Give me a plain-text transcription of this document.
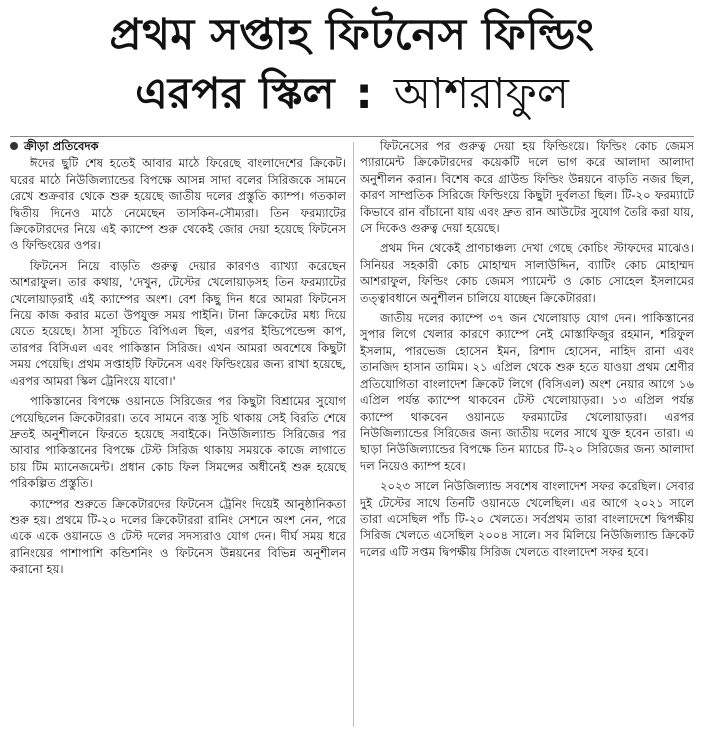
প্রথম সপ্তাহ ফিটনেস ফিল্ডিং
এরপর স্কিল : আশরাফুল
ক্রীড়া প্রতিবেদক

ঈদের ছুটি শেষ হতেই আবার মাঠে ফিরেছে বাংলাদেশের ক্রিকেট। ঘরের মাঠে নিউজিল্যান্ডের বিপক্ষে আসন্ন সাদা বলের সিরিজকে সামনে রেখে শুক্রবার থেকে শুরু হয়েছে জাতীয় দলের প্রস্তুতি ক্যাম্প। গতকাল দ্বিতীয় দিনেও মাঠে নেমেছেন তাসকিন-সৌম্যরা। তিন ফরম্যাটের ক্রিকেটারদের নিয়ে এই ক্যাম্পে শুরু থেকেই জোর দেয়া হয়েছে ফিটনেস ও ফিল্ডিংয়ের ওপর।

ফিটনেস নিয়ে বাড়তি গুরুত্ব দেয়ার কারণও ব্যাখ্যা করেছেন আশরাফুল। তার কথায়, 'দেখুন, টেস্টের খেলোয়াড়সহ তিন ফরম্যাটের খেলোয়াড়রাই এই ক্যাম্পের অংশ। বেশ কিছু দিন ধরে আমরা ফিটনেস নিয়ে কাজ করার মতো উপযুক্ত সময় পাইনি। টানা ক্রিকেটের মধ্য দিয়ে যেতে হয়েছে। ঠাসা সূচিতে বিপিএল ছিল, এরপর ইন্ডিপেন্ডেন্স কাপ, তারপর বিসিএল এবং পাকিস্তান সিরিজ। এখন আমরা অবশেষে কিছুটা সময় পেয়েছি। প্রথম সপ্তাহটি ফিটনেস এবং ফিল্ডিংয়ের জন্য রাখা হয়েছে, এরপর আমরা স্কিল ট্রেনিংয়ে যাবো।'

পাকিস্তানের বিপক্ষে ওয়ানডে সিরিজের পর কিছুটা বিশ্রামের সুযোগ পেয়েছিলেন ক্রিকেটাররা। তবে সামনে ব্যস্ত সূচি থাকায় সেই বিরতি শেষে দ্রুতই অনুশীলনে ফিরতে হয়েছে সবাইকে। নিউজিল্যান্ড সিরিজের পর আবার পাকিস্তানের বিপক্ষে টেস্ট সিরিজ থাকায় সময়কে কাজে লাগাতে চায় টিম ম্যানেজমেন্ট। প্রধান কোচ ফিল সিমন্সের অধীনেই শুরু হয়েছে পরিকল্পিত প্রস্তুতি।

ক্যাম্পের শুরুতে ক্রিকেটারদের ফিটনেস ট্রেনিং দিয়েই আনুষ্ঠানিকতা শুরু হয়। প্রথমে টি-২০ দলের ক্রিকেটাররা রানিং সেশনে অংশ নেন, পরে একে একে ওয়ানডে ও টেস্ট দলের সদস্যরাও যোগ দেন। দীর্ঘ সময় ধরে রানিংয়ের পাশাপাশি কন্ডিশনিং ও ফিটনেস উন্নয়নের বিভিন্ন অনুশীলন করানো হয়।

ফিটনেসের পর গুরুত্ব দেয়া হয় ফিল্ডিংয়ে। ফিল্ডিং কোচ জেমস প্যারামেন্ট ক্রিকেটারদের কয়েকটি দলে ভাগ করে আলাদা আলাদা অনুশীলন করান। বিশেষ করে গ্রাউন্ড ফিল্ডিং উন্নয়নে বাড়তি নজর ছিল, কারণ সাম্প্রতিক সিরিজে ফিল্ডিংয়ে কিছুটা দুর্বলতা ছিল। টি-২০ ফরম্যাটে কিভাবে রান বাঁচানো যায় এবং দ্রুত রান আউটের সুযোগ তৈরি করা যায়, সে দিকেও গুরুত্ব দেয়া হয়েছে।

প্রথম দিন থেকেই প্রাণচাঞ্চল্য দেখা গেছে কোচিং স্টাফদের মাঝেও। সিনিয়র সহকারী কোচ মোহাম্মদ সালাউদ্দিন, ব্যাটিং কোচ মোহাম্মদ আশরাফুল, ফিল্ডিং কোচ জেমস প্যামেন্ট ও কোচ সোহেল ইসলামের তত্ত্বাবধানে অনুশীলন চালিয়ে যাচ্ছেন ক্রিকেটাররা।

জাতীয় দলের ক্যাম্পে ৩৭ জন খেলোয়াড় যোগ দেন। পাকিস্তানের সুপার লিগে খেলার কারণে ক্যাম্পে নেই মোস্তাফিজুর রহমান, শরিফুল ইসলাম, পারভেজ হোসেন ইমন, রিশাদ হোসেন, নাহিদ রানা এবং তানজিদ হাসান তামিম। ২১ এপ্রিল থেকে শুরু হতে যাওয়া প্রথম শ্রেণীর প্রতিযোগিতা বাংলাদেশ ক্রিকেট লিগে (বিসিএল) অংশ নেয়ার আগে ১৬ এপ্রিল পর্যন্ত ক্যাম্পে থাকবেন টেস্ট খেলোয়াড়রা। ১৩ এপ্রিল পর্যন্ত ক্যাম্পে থাকবেন ওয়ানডে ফরম্যাটের খেলোয়াড়রা। এরপর নিউজিল্যান্ডের সিরিজের জন্য জাতীয় দলের সাথে যুক্ত হবেন তারা। এ ছাড়া নিউজিল্যান্ডের বিপক্ষে তিন ম্যাচের টি-২০ সিরিজের জন্য আলাদা দল নিয়েও ক্যাম্প হবে।

২০২৩ সালে নিউজিল্যান্ড সবশেষ বাংলাদেশ সফর করেছিল। সেবার দুই টেস্টের সাথে তিনটি ওয়ানডে খেলেছিল। এর আগে ২০২১ সালে তারা এসেছিল পাঁচ টি-২০ খেলতে। সর্বপ্রথম তারা বাংলাদেশে দ্বিপক্ষীয় সিরিজ খেলতে এসেছিল ২০০৪ সালে। সব মিলিয়ে নিউজিল্যান্ড ক্রিকেট দলের এটি সপ্তম দ্বিপক্ষীয় সিরিজ খেলতে বাংলাদেশ সফর হবে।
